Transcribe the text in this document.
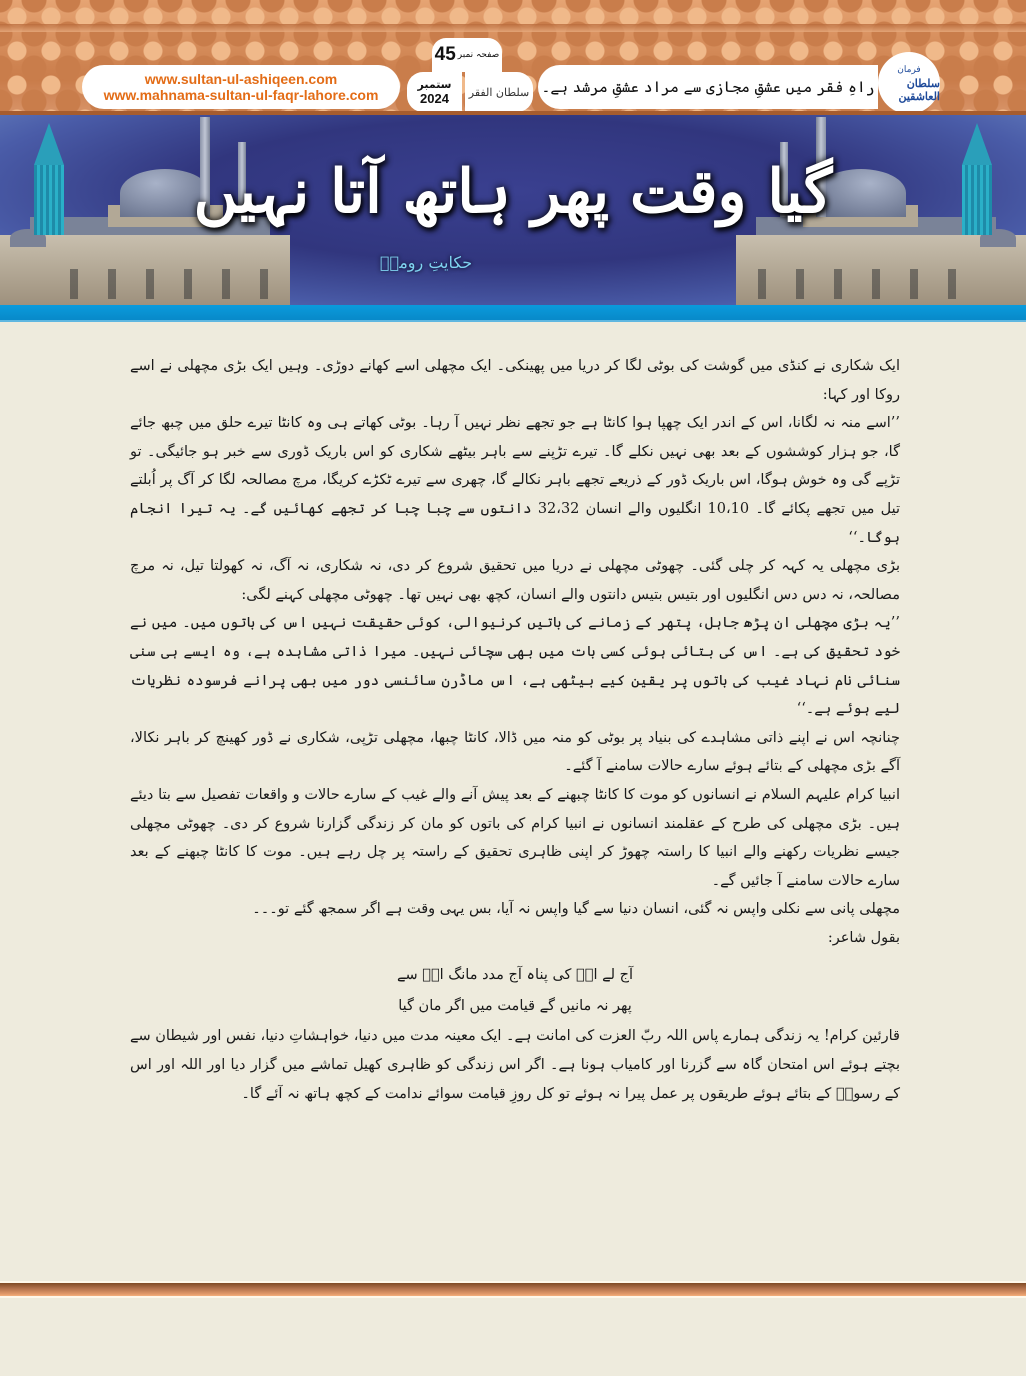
www.sultan-ul-ashiqeen.com
www.mahnama-sultan-ul-faqr-lahore.com
45 صفحہ نمبر
ستمبر
2024 سلطان الفقر راہِ فقر میں عشقِ مجازی سے مراد عشقِ مرشد ہے۔
فرمان
سلطان العاشقین
گیا وقت پھر ہاتھ آتا نہیں
حکایتِ رومیؒ

ایک شکاری نے کنڈی میں گوشت کی بوٹی لگا کر دریا میں پھینکی۔ ایک مچھلی اسے کھانے دوڑی۔ وہیں ایک بڑی مچھلی نے اسے روکا اور کہا:

’’اسے منہ نہ لگانا، اس کے اندر ایک چھپا ہوا کانٹا ہے جو تجھے نظر نہیں آ رہا۔ بوٹی کھاتے ہی وہ کانٹا تیرے حلق میں چبھ جائے گا، جو ہزار کوششوں کے بعد بھی نہیں نکلے گا۔ تیرے تڑپنے سے باہر بیٹھے شکاری کو اس باریک ڈوری سے خبر ہو جائیگی۔ تو تڑپے گی وہ خوش ہوگا، اس باریک ڈور کے ذریعے تجھے باہر نکالے گا، چھری سے تیرے ٹکڑے کریگا، مرچ مصالحہ لگا کر آگ پر اُبلتے تیل میں تجھے پکائے گا۔ 10،10 انگلیوں والے انسان 32،32 دانتوں سے چبا چبا کر تجھے کھائیں گے۔ یہ تیرا انجام ہوگا۔‘‘

بڑی مچھلی یہ کہہ کر چلی گئی۔ چھوٹی مچھلی نے دریا میں تحقیق شروع کر دی، نہ شکاری، نہ آگ، نہ کھولتا تیل، نہ مرچ مصالحہ، نہ دس دس انگلیوں اور بتیس بتیس دانتوں والے انسان، کچھ بھی نہیں تھا۔ چھوٹی مچھلی کہنے لگی:

’’یہ بڑی مچھلی ان پڑھ جاہل، پتھر کے زمانے کی باتیں کرنیوالی، کوئی حقیقت نہیں اس کی باتوں میں۔ میں نے خود تحقیق کی ہے۔ اس کی بتائی ہوئی کسی بات میں بھی سچائی نہیں۔ میرا ذاتی مشاہدہ ہے، وہ ایسے ہی سنی سنائی نام نہاد غیب کی باتوں پر یقین کیے بیٹھی ہے، اس ماڈرن سائنسی دور میں بھی پرانے فرسودہ نظریات لیے ہوئے ہے۔‘‘

چنانچہ اس نے اپنے ذاتی مشاہدے کی بنیاد پر بوٹی کو منہ میں ڈالا، کانٹا چبھا، مچھلی تڑپی، شکاری نے ڈور کھینچ کر باہر نکالا، آگے بڑی مچھلی کے بتائے ہوئے سارے حالات سامنے آ گئے۔

انبیا کرام علیہم السلام نے انسانوں کو موت کا کانٹا چبھنے کے بعد پیش آنے والے غیب کے سارے حالات و واقعات تفصیل سے بتا دیئے ہیں۔ بڑی مچھلی کی طرح کے عقلمند انسانوں نے انبیا کرام کی باتوں کو مان کر زندگی گزارنا شروع کر دی۔ چھوٹی مچھلی جیسے نظریات رکھنے والے انبیا کا راستہ چھوڑ کر اپنی ظاہری تحقیق کے راستہ پر چل رہے ہیں۔ موت کا کانٹا چبھنے کے بعد سارے حالات سامنے آ جائیں گے۔

مچھلی پانی سے نکلی واپس نہ گئی، انسان دنیا سے گیا واپس نہ آیا، بس یہی وقت ہے اگر سمجھ گئے تو۔۔۔

بقول شاعر:

آج لے انؐ کی پناہ آج مدد مانگ انؐ سے
پھر نہ مانیں گے قیامت میں اگر مان گیا

قارئین کرام! یہ زندگی ہمارے پاس اللہ ربّ العزت کی امانت ہے۔ ایک معینہ مدت میں دنیا، خواہشاتِ دنیا، نفس اور شیطان سے بچتے ہوئے اس امتحان گاہ سے گزرنا اور کامیاب ہونا ہے۔ اگر اس زندگی کو ظاہری کھیل تماشے میں گزار دیا اور اللہ اور اس کے رسولؐ کے بتائے ہوئے طریقوں پر عمل پیرا نہ ہوئے تو کل روزِ قیامت سوائے ندامت کے کچھ ہاتھ نہ آئے گا۔
